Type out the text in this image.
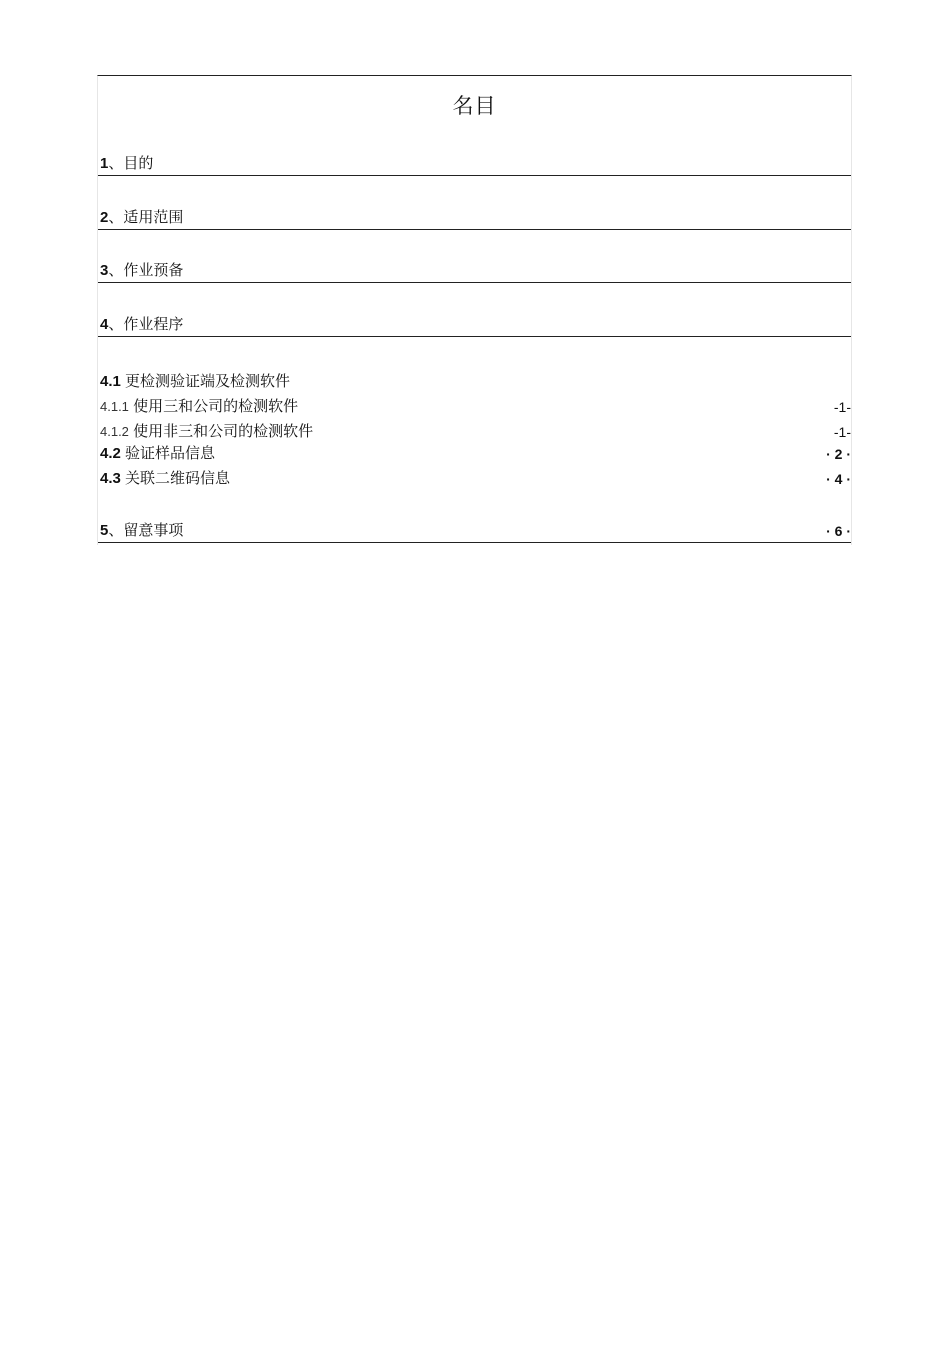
名目
1、目的
2、适用范围
3、作业预备
4、作业程序
4.1 更检测验证端及检测软件
4.1.1 使用三和公司的检测软件	-1-
4.1.2 使用非三和公司的检测软件	-1-
4.2 验证样品信息	· 2 ·
4.3 关联二维码信息	· 4 ·
5、留意事项	· 6 ·
